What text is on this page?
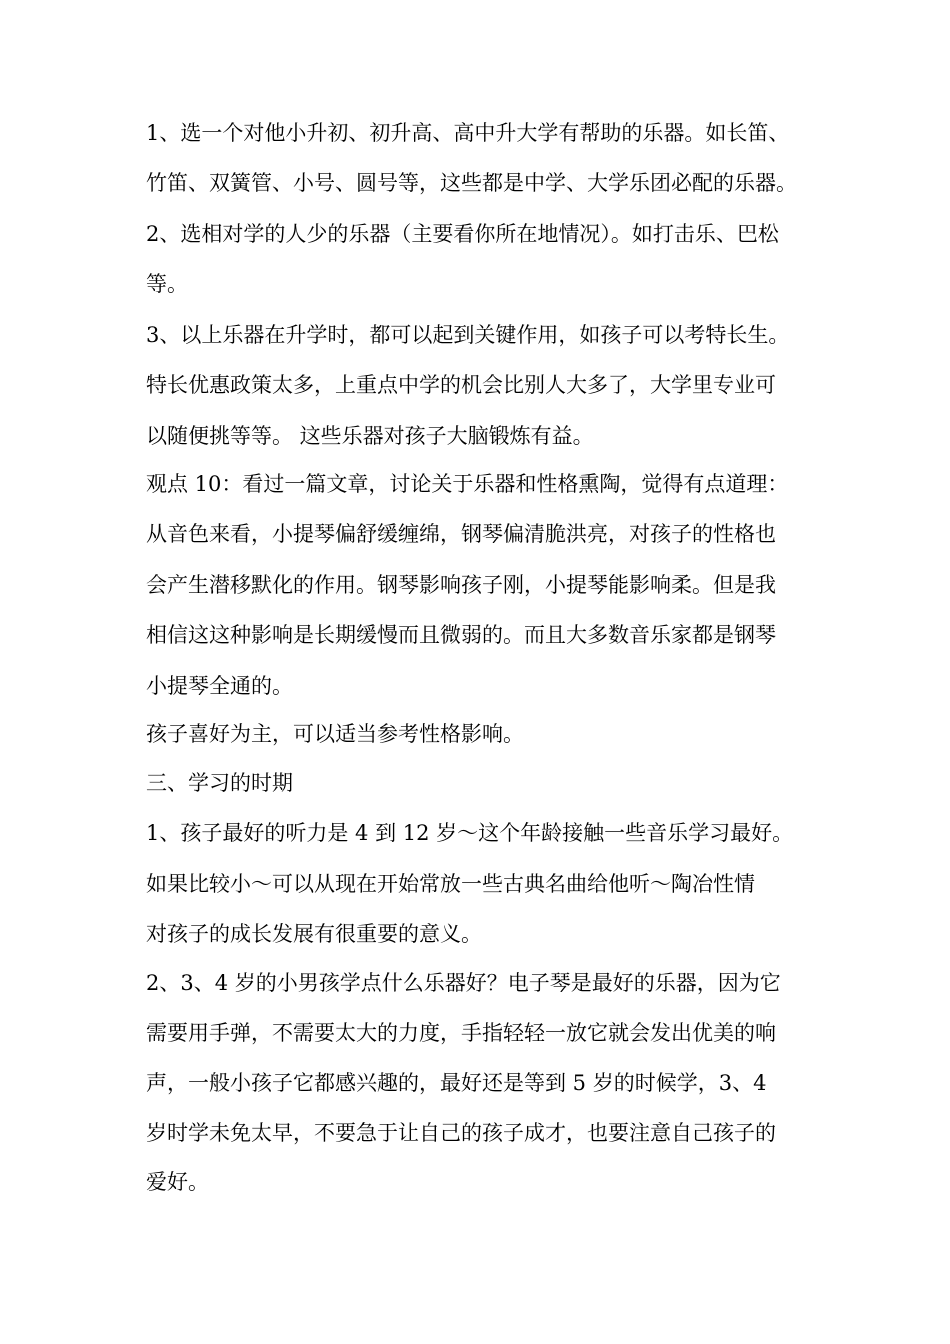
1、选一个对他小升初、初升高、高中升大学有帮助的乐器。如长笛、
竹笛、双簧管、小号、圆号等，这些都是中学、大学乐团必配的乐器。
2、选相对学的人少的乐器（主要看你所在地情况）。如打击乐、巴松
等。
3、以上乐器在升学时，都可以起到关键作用，如孩子可以考特长生。
特长优惠政策太多，上重点中学的机会比别人大多了，大学里专业可
以随便挑等等。 这些乐器对孩子大脑锻炼有益。
观点 10：看过一篇文章，讨论关于乐器和性格熏陶，觉得有点道理：
从音色来看，小提琴偏舒缓缠绵，钢琴偏清脆洪亮，对孩子的性格也
会产生潜移默化的作用。钢琴影响孩子刚，小提琴能影响柔。但是我
相信这这种影响是长期缓慢而且微弱的。而且大多数音乐家都是钢琴
小提琴全通的。
孩子喜好为主，可以适当参考性格影响。
三、学习的时期
1、孩子最好的听力是 4 到 12 岁～这个年龄接触一些音乐学习最好。
如果比较小～可以从现在开始常放一些古典名曲给他听～陶冶性情
对孩子的成长发展有很重要的意义。
2、3、4 岁的小男孩学点什么乐器好？电子琴是最好的乐器，因为它
需要用手弹，不需要太大的力度，手指轻轻一放它就会发出优美的响
声，一般小孩子它都感兴趣的，最好还是等到 5 岁的时候学，3、4
岁时学未免太早，不要急于让自己的孩子成才，也要注意自己孩子的
爱好。
